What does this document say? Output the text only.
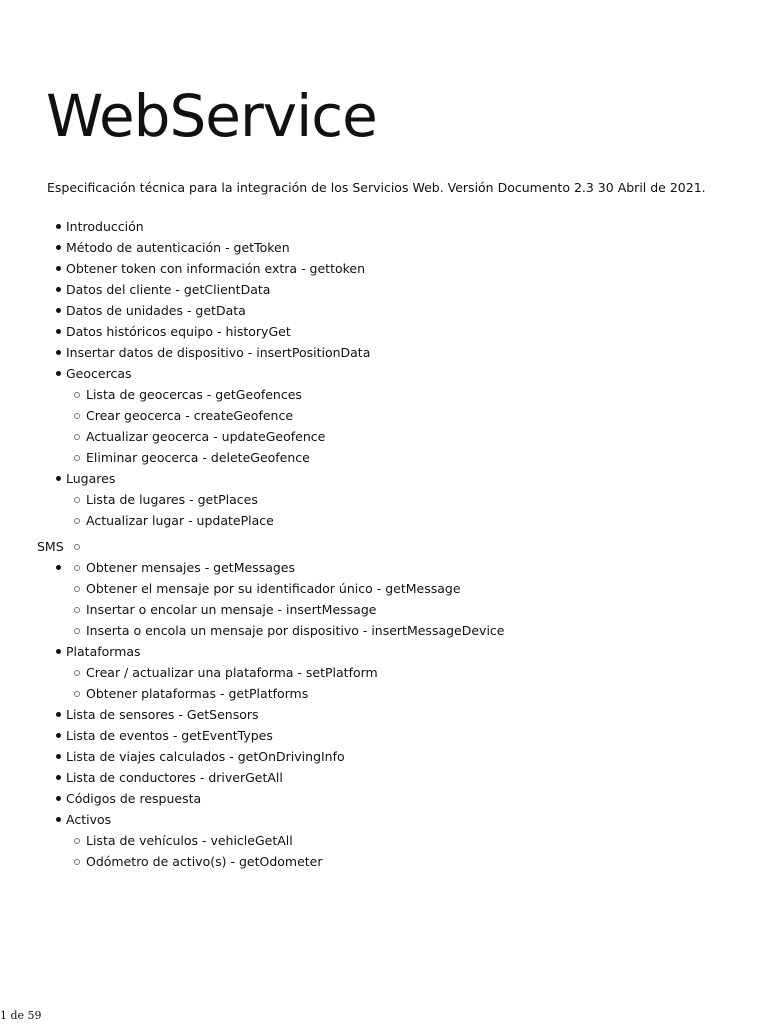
WebService

Especificación técnica para la integración de los Servicios Web. Versión Documento 2.3 30 Abril de 2021.

Introducción
Método de autenticación - getToken
Obtener token con información extra - gettoken
Datos del cliente - getClientData
Datos de unidades - getData
Datos históricos equipo - historyGet
Insertar datos de dispositivo - insertPositionData
Geocercas
Lista de geocercas - getGeofences
Crear geocerca - createGeofence
Actualizar geocerca - updateGeofence
Eliminar geocerca - deleteGeofence
Lugares
Lista de lugares - getPlaces
Actualizar lugar - updatePlace
SMS
Obtener mensajes - getMessages
Obtener el mensaje por su identificador único - getMessage
Insertar o encolar un mensaje - insertMessage
Inserta o encola un mensaje por dispositivo - insertMessageDevice
Plataformas
Crear / actualizar una plataforma - setPlatform
Obtener plataformas - getPlatforms
Lista de sensores - GetSensors
Lista de eventos - getEventTypes
Lista de viajes calculados - getOnDrivingInfo
Lista de conductores - driverGetAll
Códigos de respuesta
Activos
Lista de vehículos - vehicleGetAll
Odómetro de activo(s) - getOdometer
1 de 59
